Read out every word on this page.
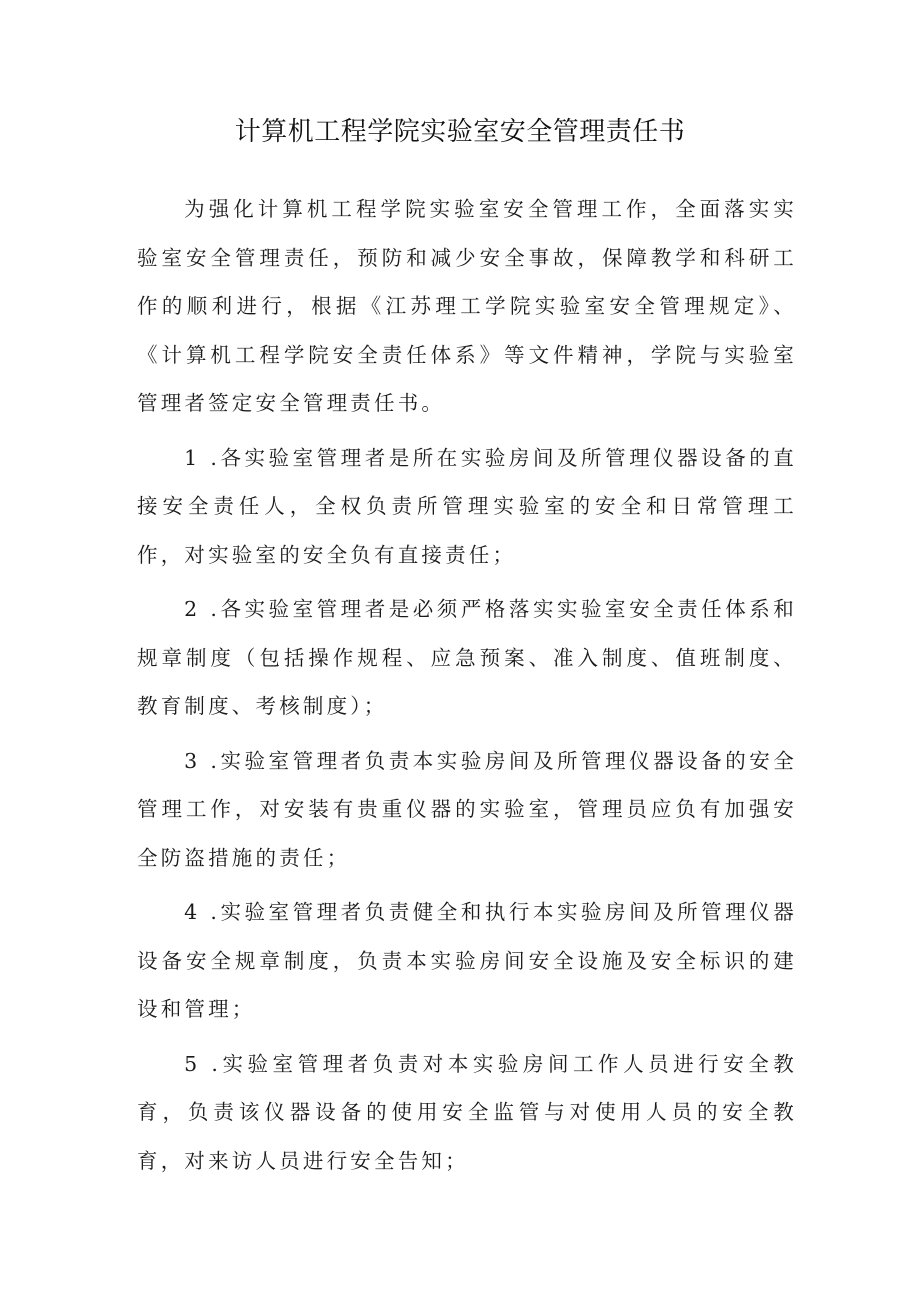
计算机工程学院实验室安全管理责任书

为强化计算机工程学院实验室安全管理工作，全面落实实验室安全管理责任，预防和减少安全事故，保障教学和科研工作的顺利进行，根据《江苏理工学院实验室安全管理规定》、《计算机工程学院安全责任体系》等文件精神，学院与实验室管理者签定安全管理责任书。

1 .各实验室管理者是所在实验房间及所管理仪器设备的直接安全责任人，全权负责所管理实验室的安全和日常管理工作，对实验室的安全负有直接责任；

2 .各实验室管理者是必须严格落实实验室安全责任体系和规章制度（包括操作规程、应急预案、准入制度、值班制度、教育制度、考核制度）；

3 .实验室管理者负责本实验房间及所管理仪器设备的安全管理工作，对安装有贵重仪器的实验室，管理员应负有加强安全防盗措施的责任；

4 .实验室管理者负责健全和执行本实验房间及所管理仪器设备安全规章制度，负责本实验房间安全设施及安全标识的建设和管理；

5 .实验室管理者负责对本实验房间工作人员进行安全教育，负责该仪器设备的使用安全监管与对使用人员的安全教育，对来访人员进行安全告知；
